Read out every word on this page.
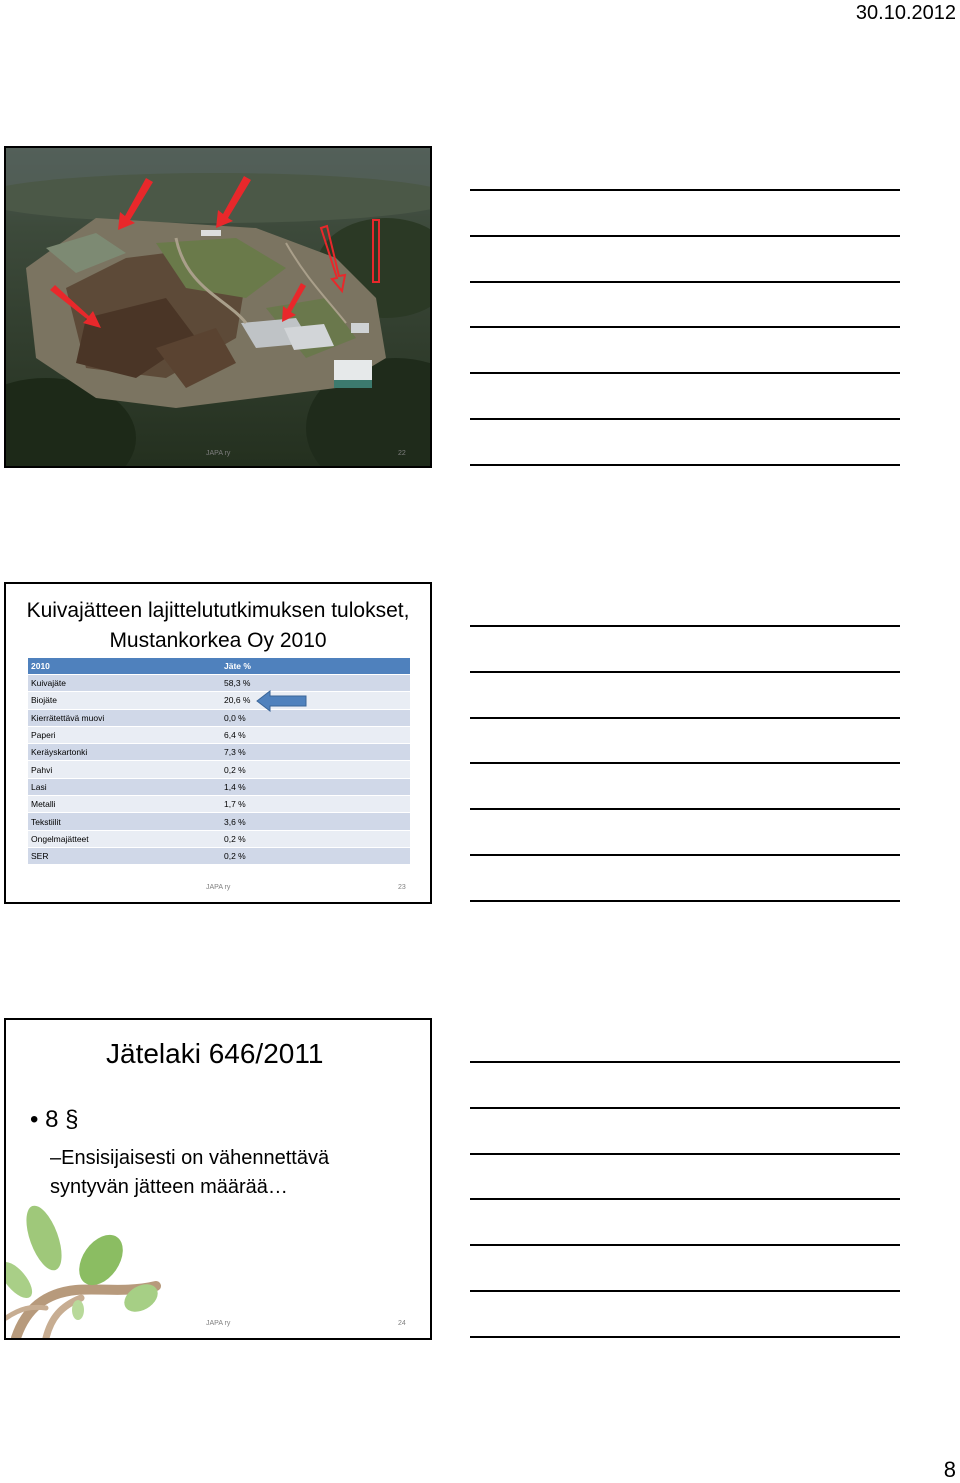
30.10.2012
JAPA ry	22
Kuivajätteen lajittelututkimuksen tulokset, Mustankorkea Oy 2010
2010	Jäte %
Kuivajäte	58,3 %
Biojäte	20,6 %
Kierrätettävä muovi	0,0 %
Paperi	6,4 %
Keräyskartonki	7,3 %
Pahvi	0,2 %
Lasi	1,4 %
Metalli	1,7 %
Tekstiilit	3,6 %
Ongelmajätteet	0,2 %
SER	0,2 %
JAPA ry	23
Jätelaki 646/2011
• 8 §
–Ensisijaisesti on vähennettävä syntyvän jätteen määrää…
JAPA ry	24
8
